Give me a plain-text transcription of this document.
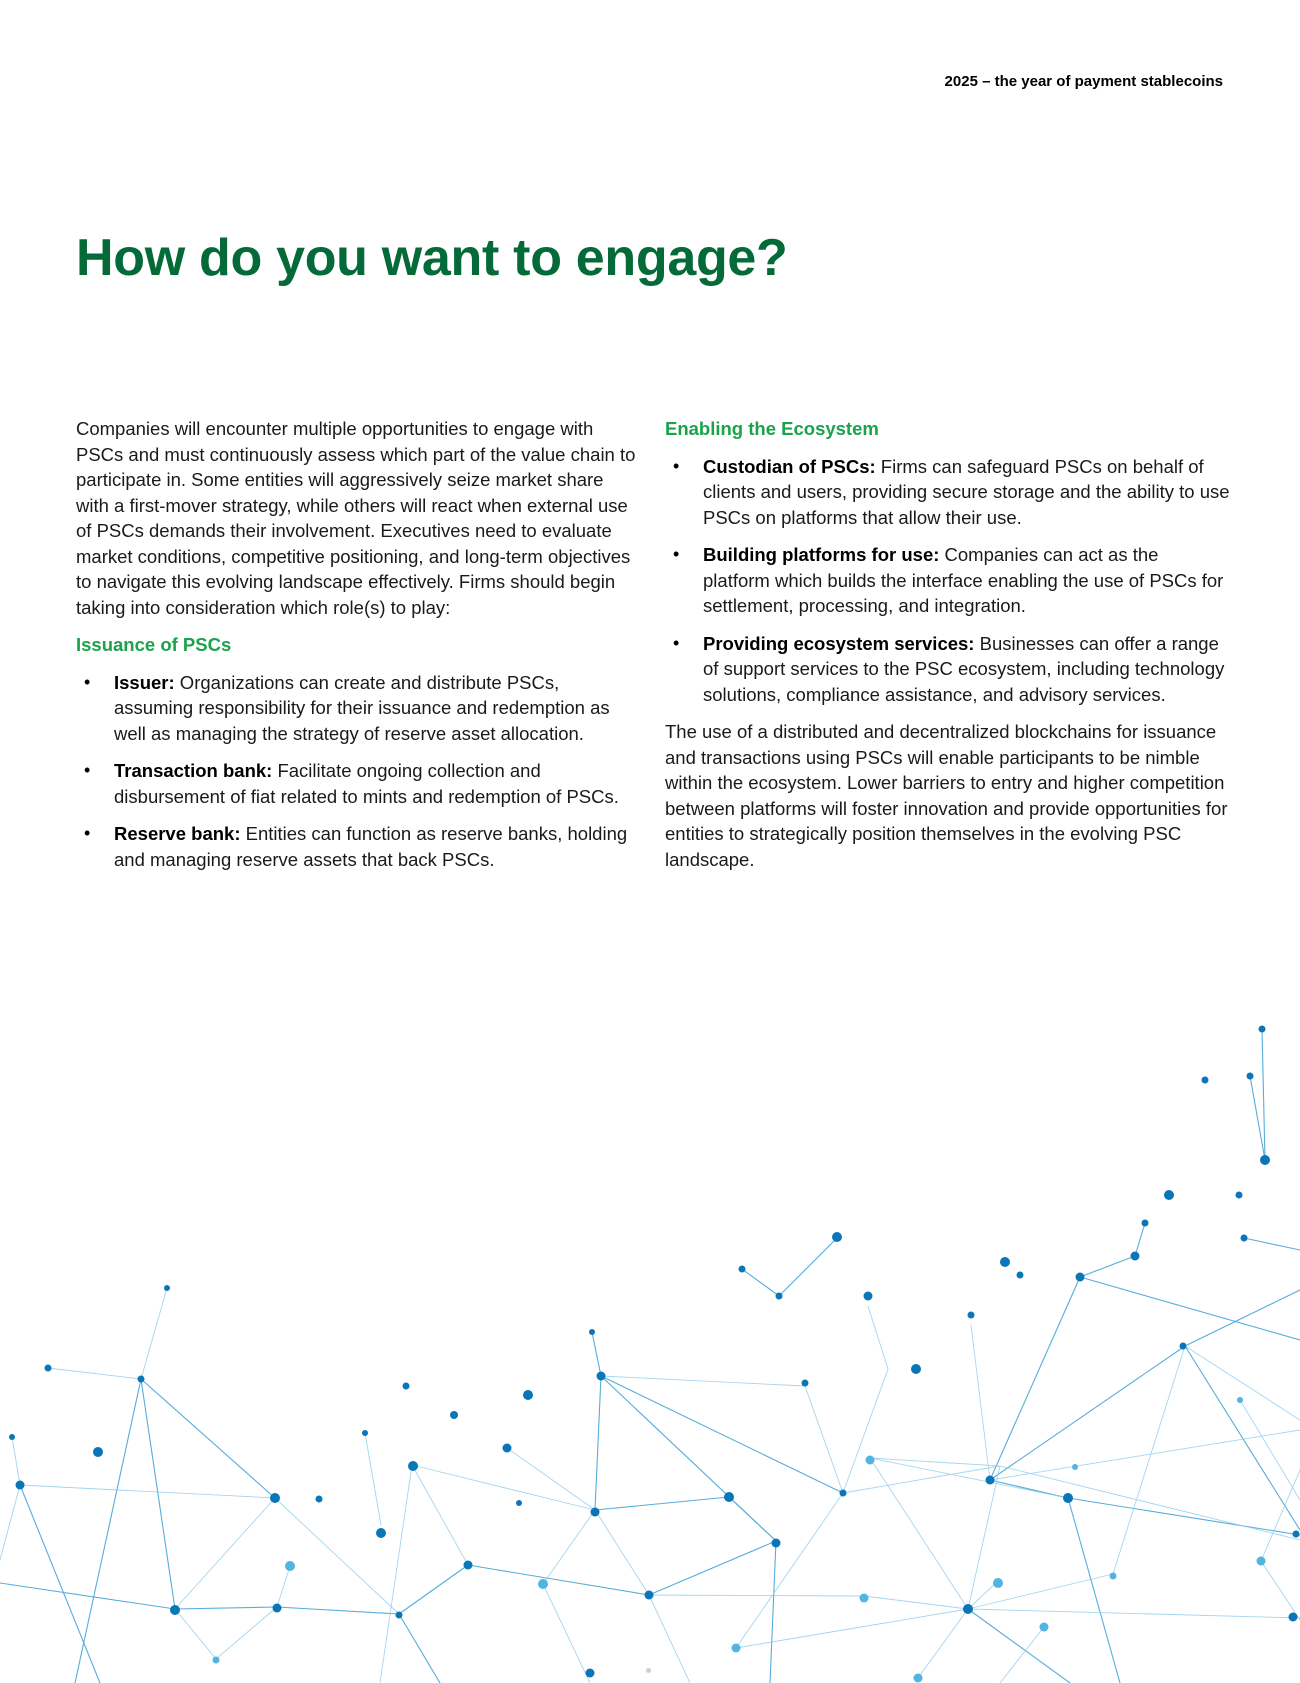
2025 – the year of payment stablecoins
How do you want to engage?

Companies will encounter multiple opportunities to engage with PSCs and must continuously assess which part of the value chain to participate in. Some entities will aggressively seize market share with a first-mover strategy, while others will react when external use of PSCs demands their involvement. Executives need to evaluate market conditions, competitive positioning, and long-term objectives to navigate this evolving landscape effectively. Firms should begin taking into consideration which role(s) to play:

Issuance of PSCs
• Issuer: Organizations can create and distribute PSCs, assuming responsibility for their issuance and redemption as well as managing the strategy of reserve asset allocation.
• Transaction bank: Facilitate ongoing collection and disbursement of fiat related to mints and redemption of PSCs.
• Reserve bank: Entities can function as reserve banks, holding and managing reserve assets that back PSCs.
Enabling the Ecosystem
• Custodian of PSCs: Firms can safeguard PSCs on behalf of clients and users, providing secure storage and the ability to use PSCs on platforms that allow their use.
• Building platforms for use: Companies can act as the platform which builds the interface enabling the use of PSCs for settlement, processing, and integration.
• Providing ecosystem services: Businesses can offer a range of support services to the PSC ecosystem, including technology solutions, compliance assistance, and advisory services.

The use of a distributed and decentralized blockchains for issuance and transactions using PSCs will enable participants to be nimble within the ecosystem. Lower barriers to entry and higher competition between platforms will foster innovation and provide opportunities for entities to strategically position themselves in the evolving PSC landscape.
